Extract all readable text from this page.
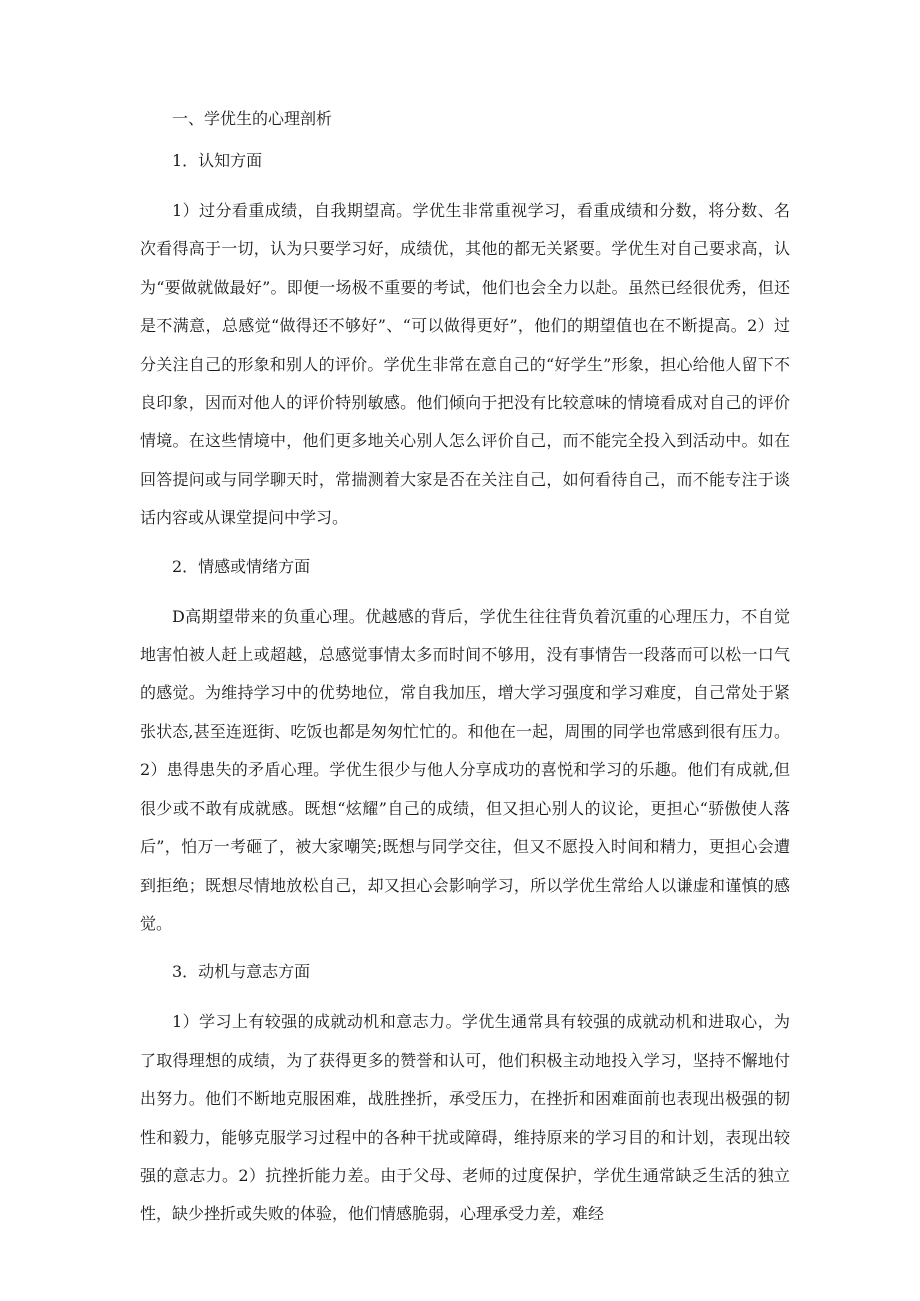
一、学优生的心理剖析
1．认知方面
1）过分看重成绩，自我期望高。学优生非常重视学习，看重成绩和分数，将分数、名次看得高于一切，认为只要学习好，成绩优，其他的都无关紧要。学优生对自己要求高，认为“要做就做最好”。即便一场极不重要的考试，他们也会全力以赴。虽然已经很优秀，但还是不满意，总感觉“做得还不够好”、“可以做得更好”，他们的期望值也在不断提高。2）过分关注自己的形象和别人的评价。学优生非常在意自己的“好学生”形象，担心给他人留下不良印象，因而对他人的评价特别敏感。他们倾向于把没有比较意味的情境看成对自己的评价情境。在这些情境中，他们更多地关心别人怎么评价自己，而不能完全投入到活动中。如在回答提问或与同学聊天时，常揣测着大家是否在关注自己，如何看待自己，而不能专注于谈话内容或从课堂提问中学习。
2．情感或情绪方面
D高期望带来的负重心理。优越感的背后，学优生往往背负着沉重的心理压力，不自觉地害怕被人赶上或超越，总感觉事情太多而时间不够用，没有事情告一段落而可以松一口气的感觉。为维持学习中的优势地位，常自我加压，增大学习强度和学习难度，自己常处于紧张状态,甚至连逛街、吃饭也都是匆匆忙忙的。和他在一起，周围的同学也常感到很有压力。2）患得患失的矛盾心理。学优生很少与他人分享成功的喜悦和学习的乐趣。他们有成就,但很少或不敢有成就感。既想“炫耀”自己的成绩，但又担心别人的议论，更担心“骄傲使人落后”，怕万一考砸了，被大家嘲笑;既想与同学交往，但又不愿投入时间和精力，更担心会遭到拒绝；既想尽情地放松自己，却又担心会影响学习，所以学优生常给人以谦虚和谨慎的感觉。
3．动机与意志方面
1）学习上有较强的成就动机和意志力。学优生通常具有较强的成就动机和进取心，为了取得理想的成绩，为了获得更多的赞誉和认可，他们积极主动地投入学习，坚持不懈地付出努力。他们不断地克服困难，战胜挫折，承受压力，在挫折和困难面前也表现出极强的韧性和毅力，能够克服学习过程中的各种干扰或障碍，维持原来的学习目的和计划，表现出较强的意志力。2）抗挫折能力差。由于父母、老师的过度保护，学优生通常缺乏生活的独立性，缺少挫折或失败的体验，他们情感脆弱，心理承受力差，难经
